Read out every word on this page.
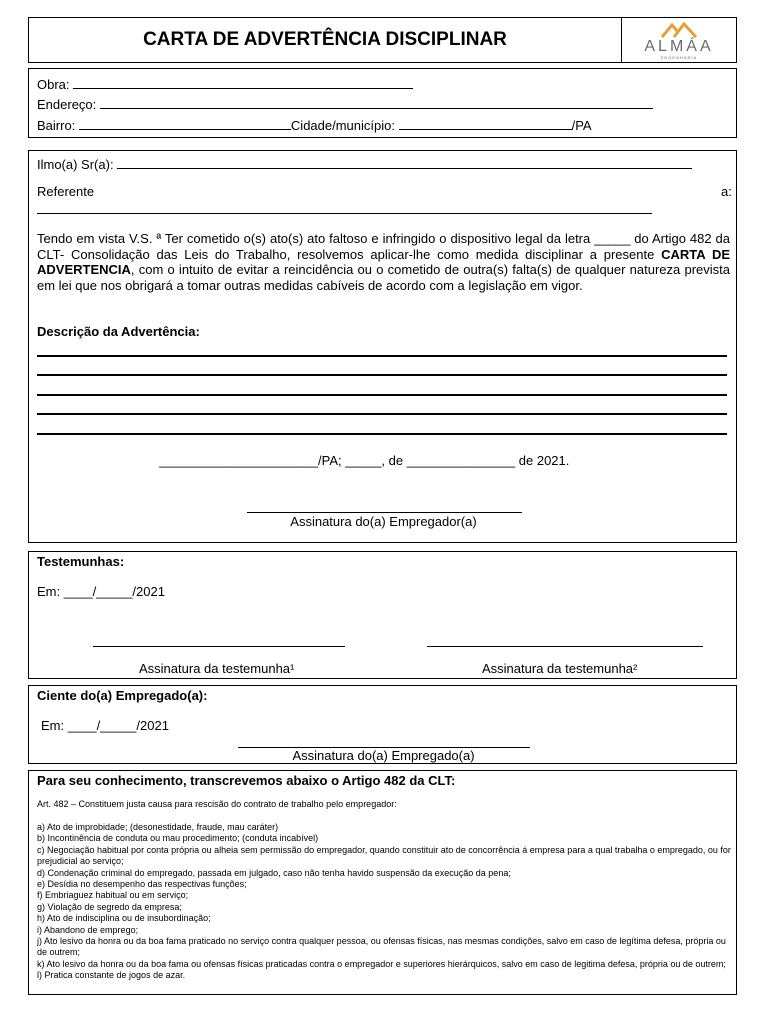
CARTA DE ADVERTÊNCIA DISCIPLINAR	ALMÁA
ENGENHARIA
Obra:
Endereço:
Bairro:	Cidade/município:	/PA
Ilmo(a) Sr(a):
Referente	a:
Tendo em vista V.S. ª Ter cometido o(s) ato(s) ato faltoso e infringido o dispositivo legal da letra _____ do Artigo 482 da CLT- Consolidação das Leis do Trabalho, resolvemos aplicar-lhe como medida disciplinar a presente CARTA DE ADVERTENCIA, com o intuito de evitar a reincidência ou o cometido de outra(s) falta(s) de qualquer natureza prevista em lei que nos obrigará a tomar outras medidas cabíveis de acordo com a legislação em vigor.
Descrição da Advertência:
______________________/PA; _____, de _______________ de 2021.
Assinatura do(a) Empregador(a)
Testemunhas:
Em: ____/_____/2021
Assinatura da testemunha¹	Assinatura da testemunha²
Ciente do(a) Empregado(a):
Em: ____/_____/2021
Assinatura do(a) Empregado(a)
Para seu conhecimento, transcrevemos abaixo o Artigo 482 da CLT:
Art. 482 – Constituem justa causa para rescisão do contrato de trabalho pelo empregador:
a) Ato de improbidade; (desonestidade, fraude, mau caráter)
b) Incontinência de conduta ou mau procedimento; (conduta incabível)
c) Negociação habitual por conta própria ou alheia sem permissão do empregador, quando constituir ato de concorrência á empresa para a qual trabalha o empregado, ou for prejudicial ao serviço;
d) Condenação criminal do empregado, passada em julgado, caso não tenha havido suspensão da execução da pena;
e) Desídia no desempenho das respectivas funções;
f) Embriaguez habitual ou em serviço;
g) Violação de segredo da empresa;
h) Ato de indisciplina ou de insubordinação;
i) Abandono de emprego;
j) Ato lesivo da honra ou da boa fama praticado no serviço contra qualquer pessoa, ou ofensas físicas, nas mesmas condições, salvo em caso de legítima defesa, própria ou de outrem;
k) Ato lesivo da honra ou da boa fama ou ofensas físicas praticadas contra o empregador e superiores hierárquicos, salvo em caso de legitima defesa, própria ou de outrem;
l) Pratica constante de jogos de azar.
